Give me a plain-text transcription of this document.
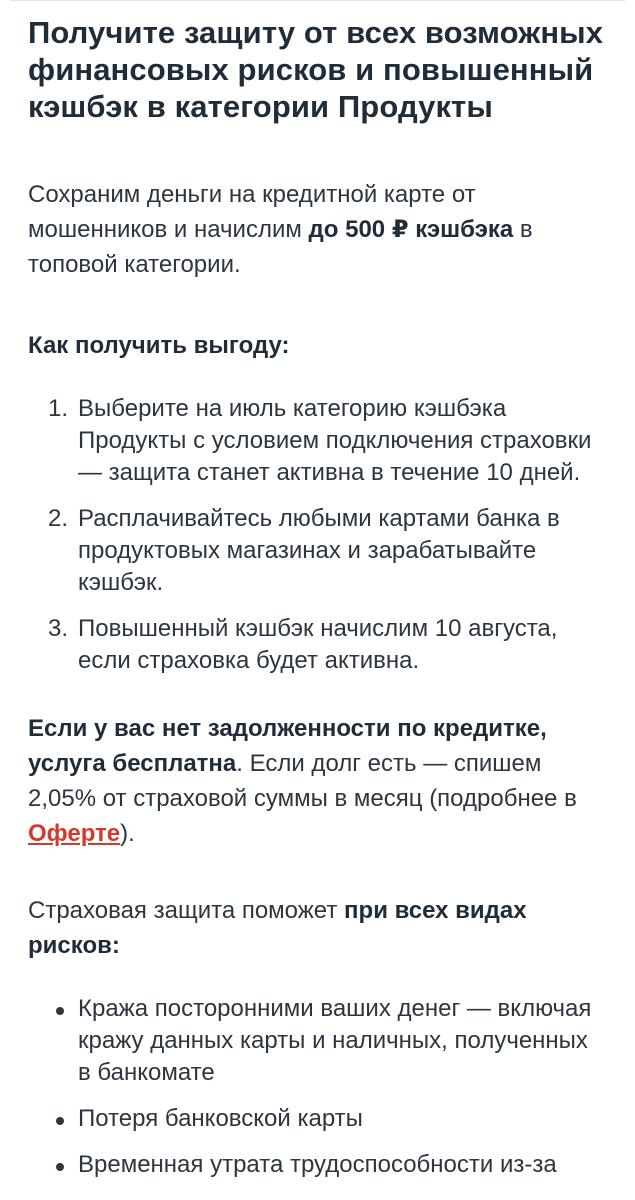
Получите защиту от всех возможных финансовых рисков и повышенный кэшбэк в категории Продукты

Сохраним деньги на кредитной карте от мошенников и начислим до 500 ₽ кэшбэка в топовой категории.

Как получить выгоду:
1. Выберите на июль категорию кэшбэка Продукты с условием подключения страховки — защита станет активна в течение 10 дней.
2. Расплачивайтесь любыми картами банка в продуктовых магазинах и зарабатывайте кэшбэк.
3. Повышенный кэшбэк начислим 10 августа, если страховка будет активна.

Если у вас нет задолженности по кредитке, услуга бесплатна. Если долг есть — спишем 2,05% от страховой суммы в месяц (подробнее в Оферте).

Страховая защита поможет при всех видах рисков:

Кража посторонними ваших денег — включая кражу данных карты и наличных, полученных в банкомате
Потеря банковской карты
Временная утрата трудоспособности из-за
